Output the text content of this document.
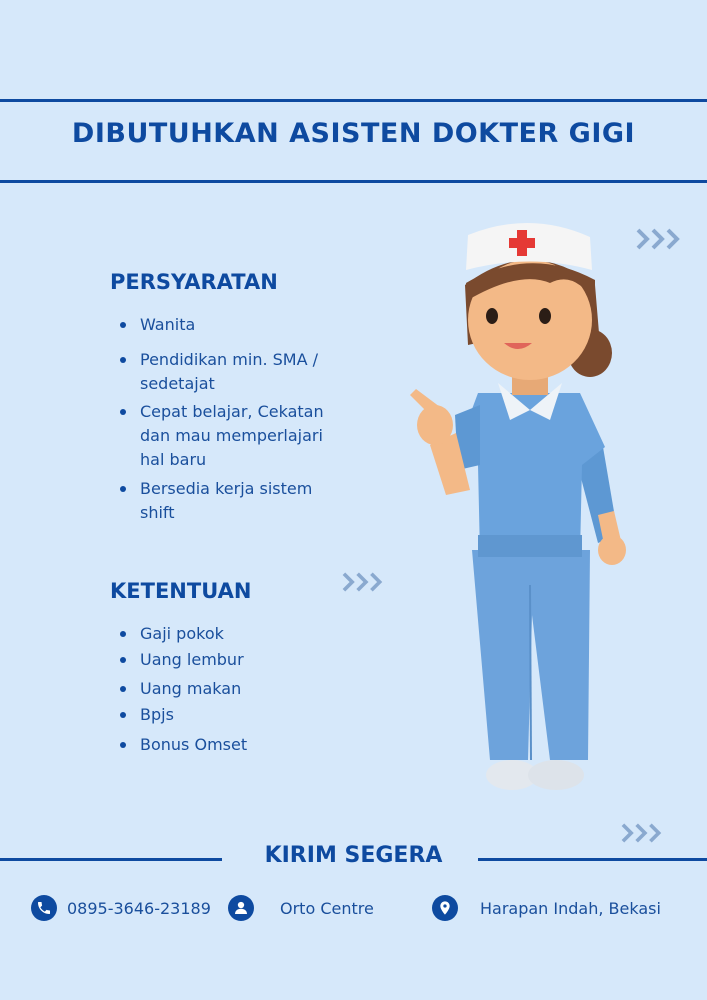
DIBUTUHKAN ASISTEN DOKTER GIGI
PERSYARATAN
Wanita
Pendidikan min. SMA / sedetajat
Cepat belajar, Cekatan dan mau memperlajari hal baru
Bersedia kerja sistem shift
KETENTUAN
Gaji pokok
Uang lembur
Uang makan
Bpjs
Bonus Omset
KIRIM SEGERA
0895-3646-23189	Orto Centre	Harapan Indah, Bekasi
